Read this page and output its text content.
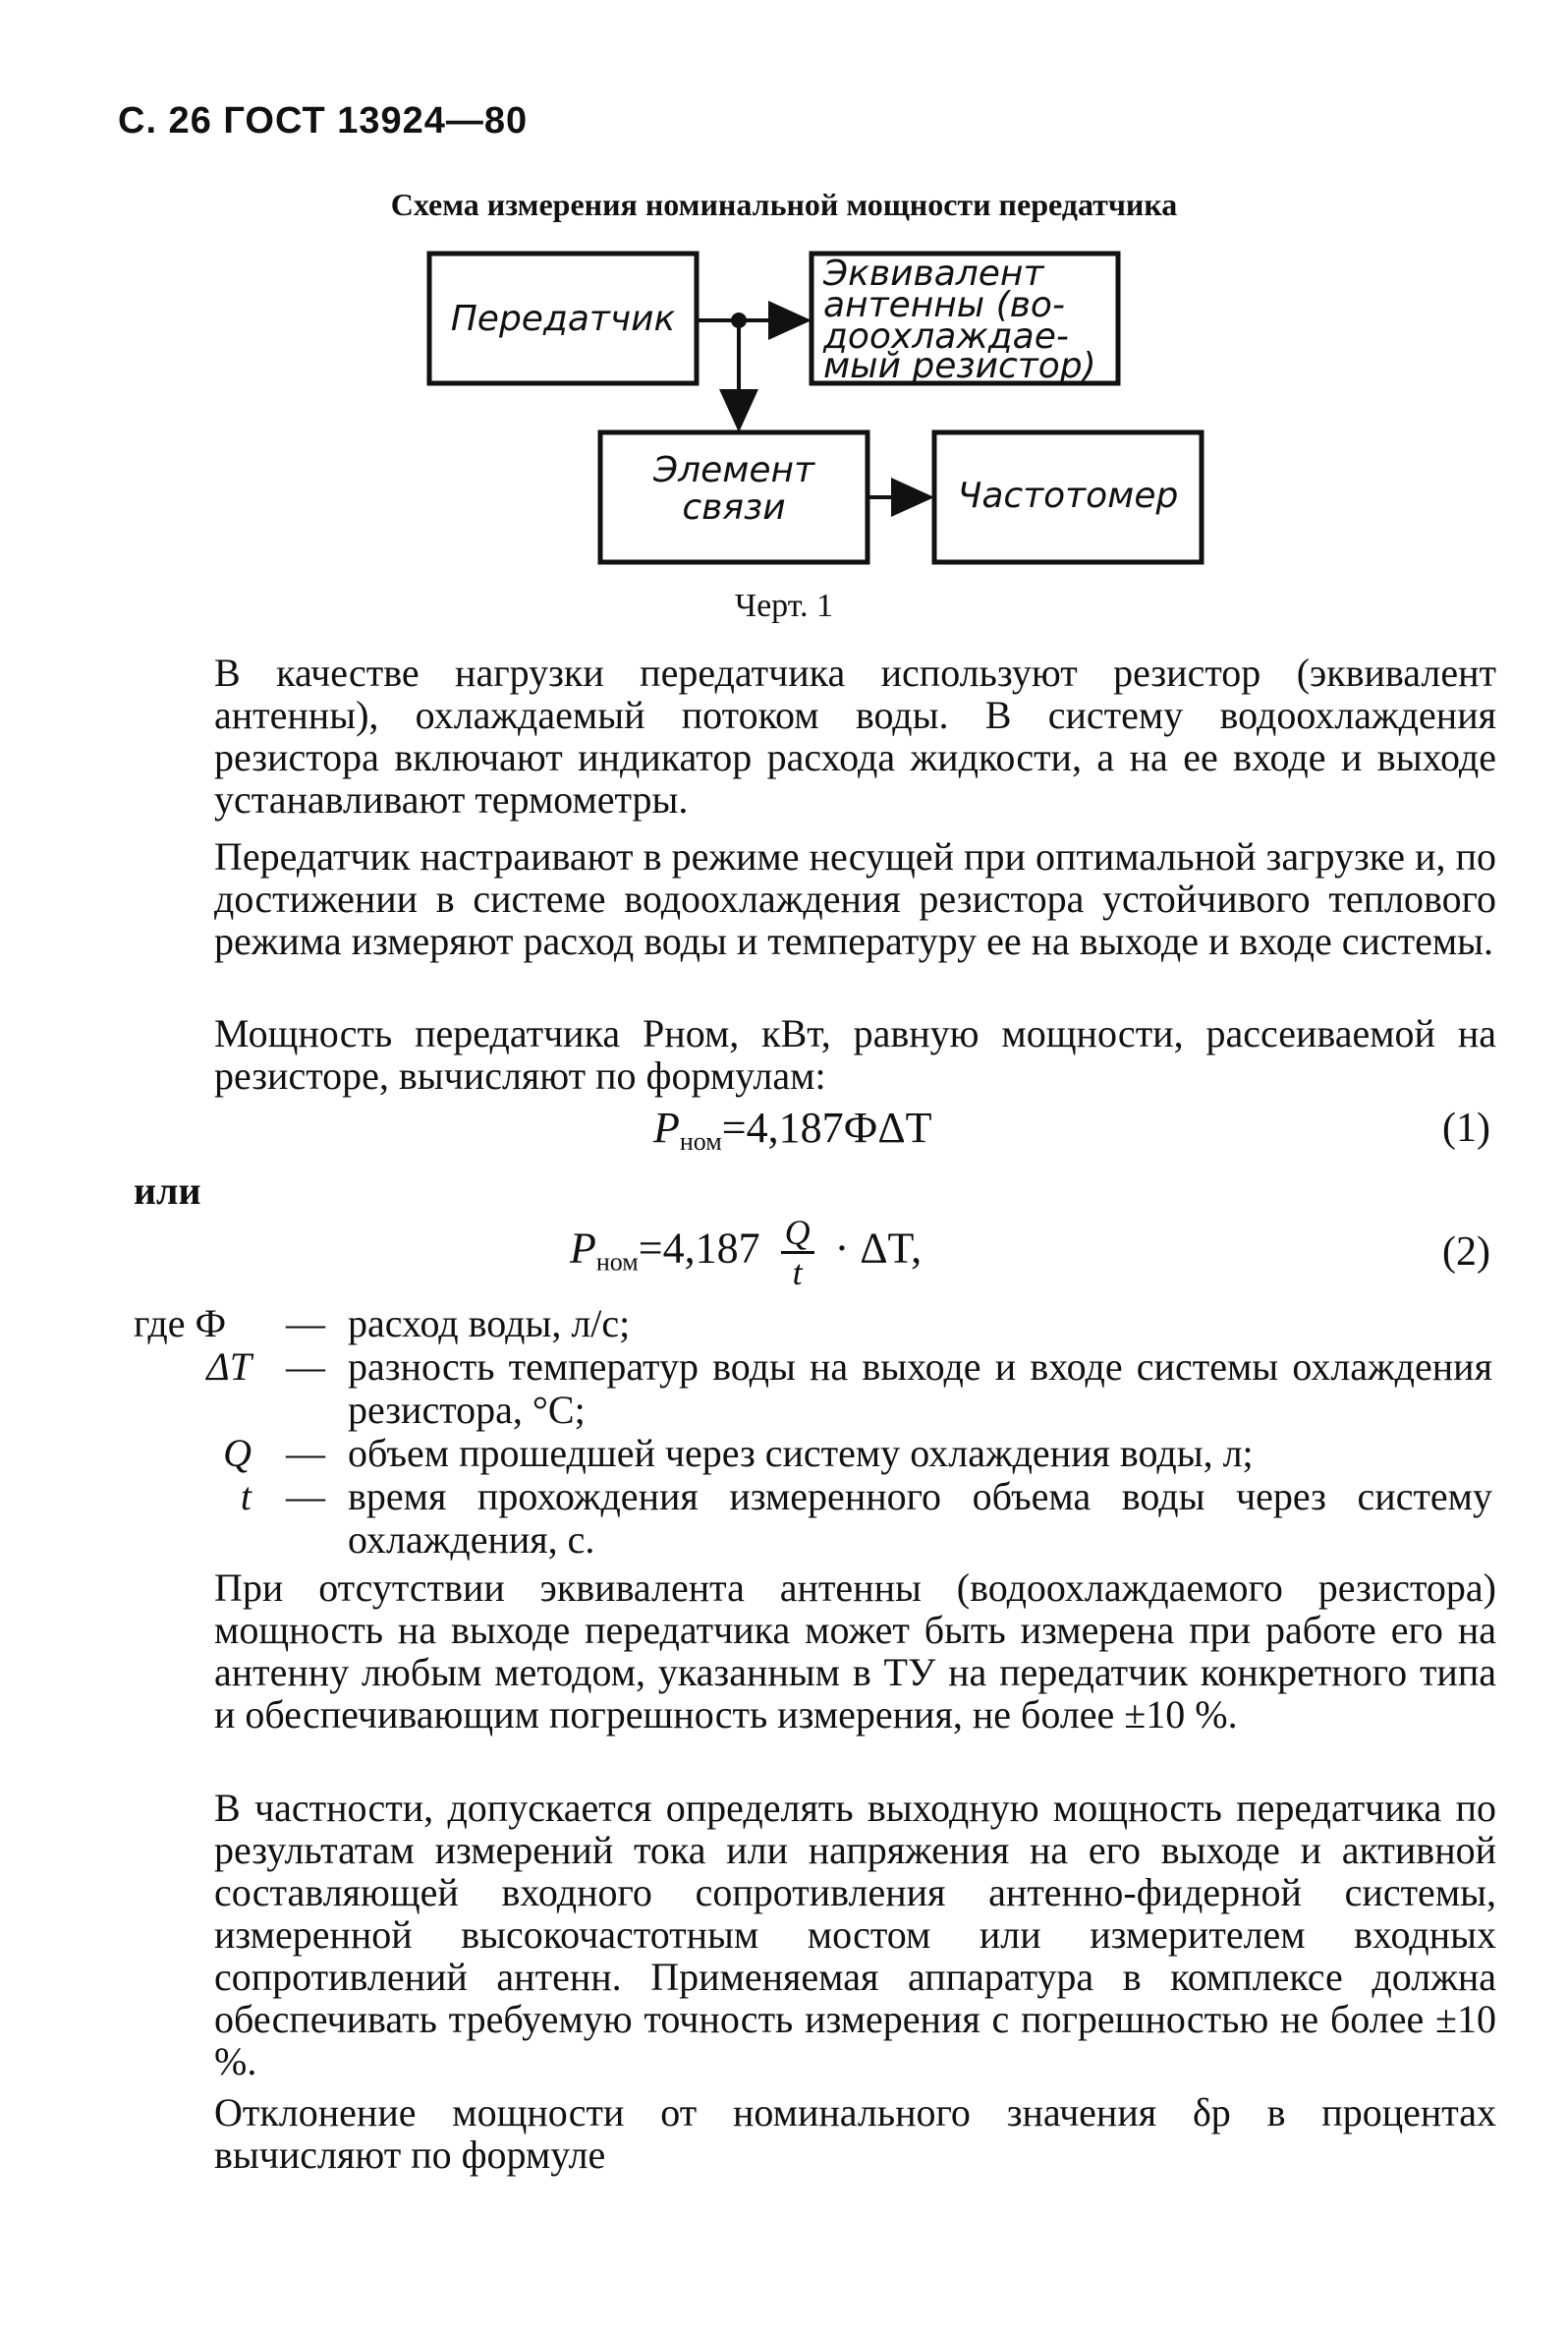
С. 26 ГОСТ 13924—80
Схема измерения номинальной мощности передатчика
Передатчик
Эквивалент
антенны (во-
доохлаждае-
мый резистор)
Элемент
связи	Частотомер
Черт. 1

В качестве нагрузки передатчика используют резистор (эквивалент антенны), охлаждаемый потоком воды. В систему водоохлаждения резистора включают индикатор расхода жидкости, а на ее входе и выходе устанавливают термометры.

Передатчик настраивают в режиме несущей при оптимальной загрузке и, по достижении в системе водоохлаждения резистора устойчивого теплового режима измеряют расход воды и температуру ее на выходе и входе системы.

Мощность передатчика Pном, кВт, равную мощности, рассеиваемой на резисторе, вычисляют по формулам:

$P_{ном}=4,187Ф\Delta T$	(1)
или
$P_{ном}=4,187 \frac{Q}{t} \cdot \Delta T$,	(2)
где Ф — расход воды, л/с;
ΔT — разность температур воды на выходе и входе системы охлаждения резистора, °С;

Q — объем прошедшей через систему охлаждения воды, л;
t — время прохождения измеренного объема воды через систему охлаждения, с.

При отсутствии эквивалента антенны (водоохлаждаемого резистора) мощность на выходе передатчика может быть измерена при работе его на антенну любым методом, указанным в ТУ на передатчик конкретного типа и обеспечивающим погрешность измерения, не более ±10 %.

В частности, допускается определять выходную мощность передатчика по результатам измерений тока или напряжения на его выходе и активной составляющей входного сопротивления антенно-фидерной системы, измеренной высокочастотным мостом или измерителем входных сопротивлений антенн. Применяемая аппаратура в комплексе должна обеспечивать требуемую точность измерения с погрешностью не более ±10 %.

Отклонение мощности от номинального значения δр в процентах вычисляют по формуле
